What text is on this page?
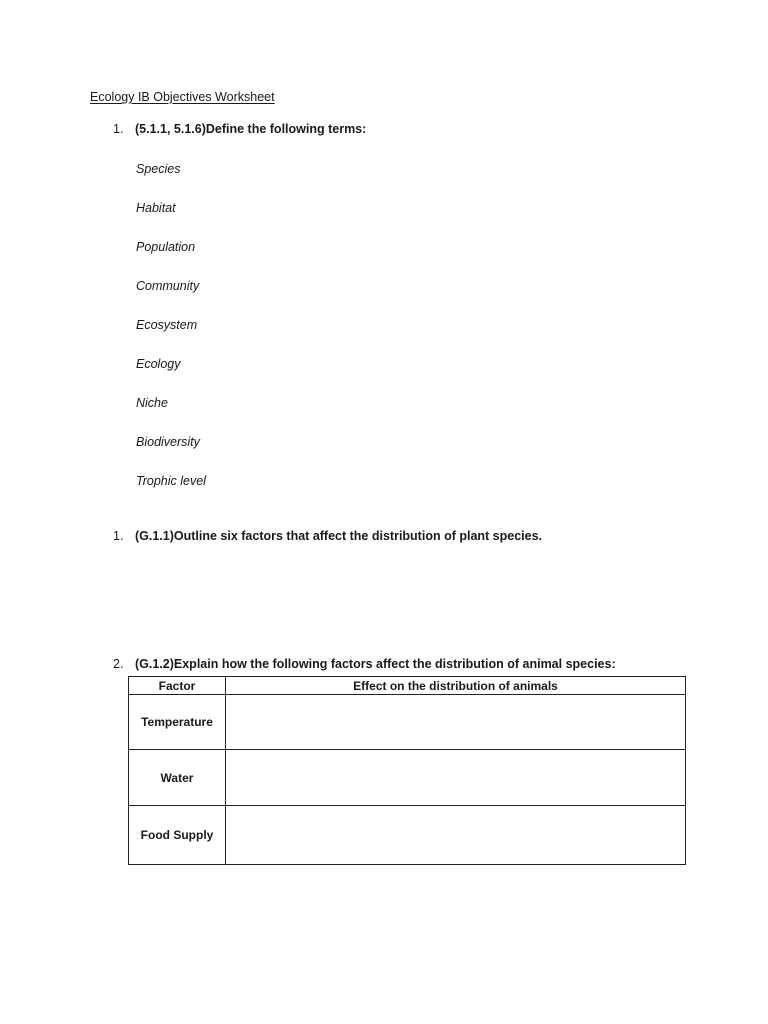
Ecology IB Objectives Worksheet
1. (5.1.1, 5.1.6)Define the following terms:
Species
Habitat
Population
Community
Ecosystem
Ecology
Niche
Biodiversity
Trophic level
1. (G.1.1)Outline six factors that affect the distribution of plant species.
2. (G.1.2)Explain how the following factors affect the distribution of animal species:
Factor	Effect on the distribution of animals
Temperature	
Water	
Food Supply	
